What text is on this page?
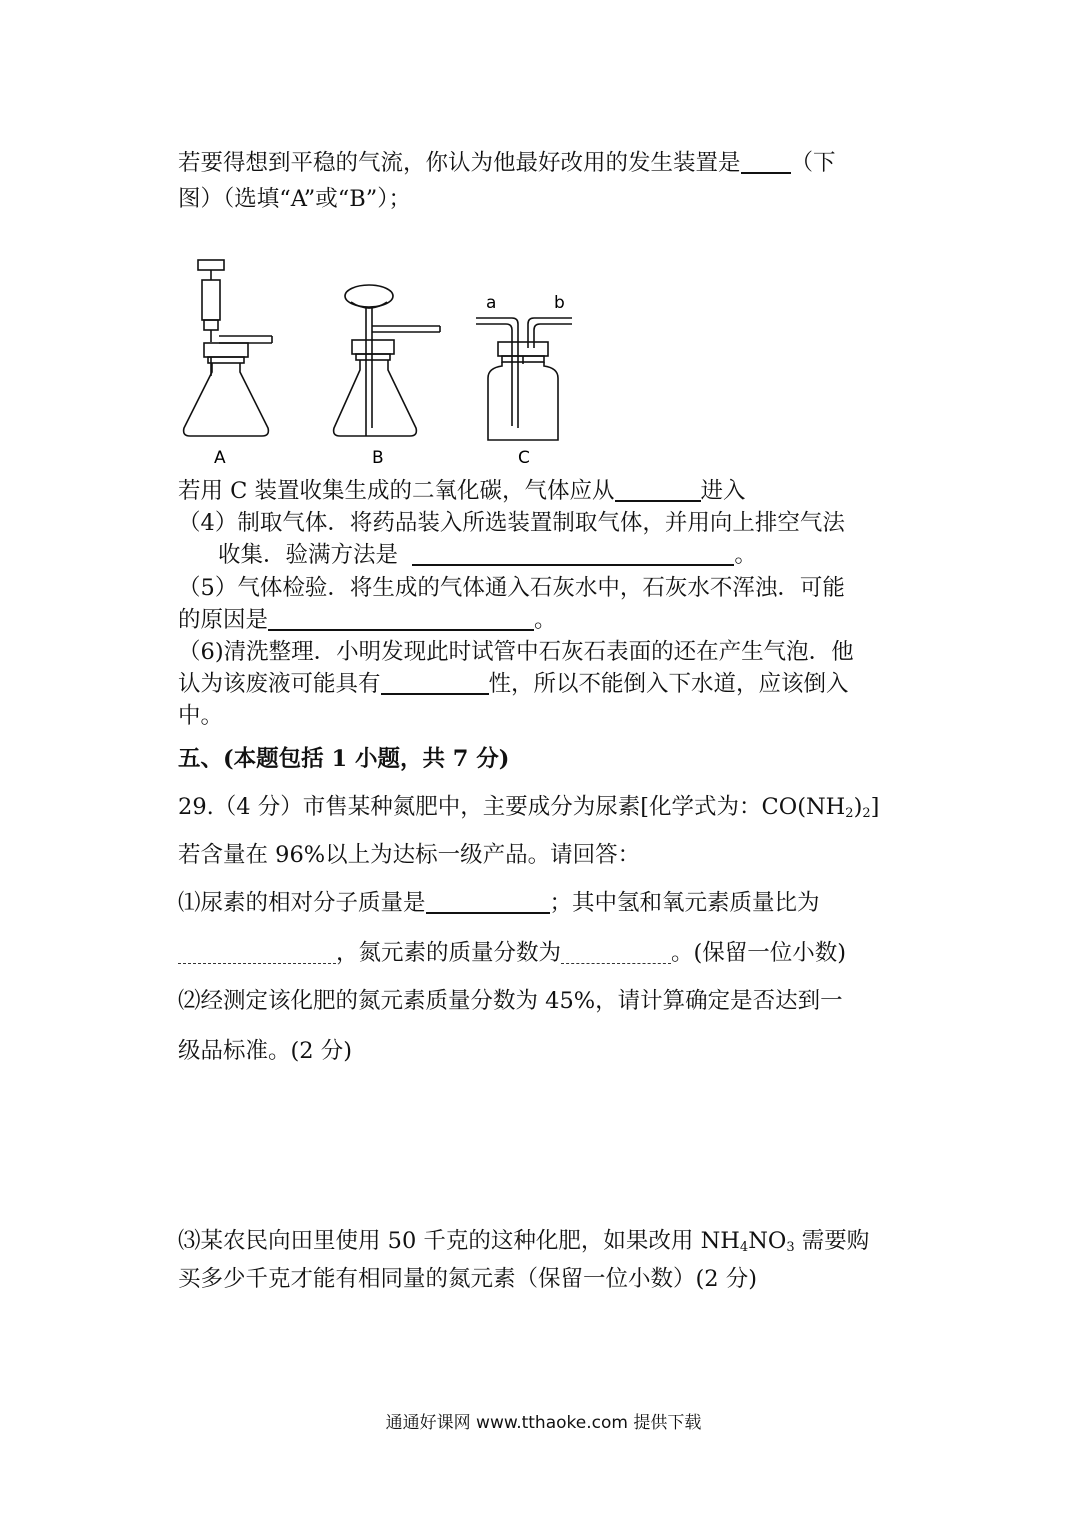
若要得想到平稳的气流，你认为他最好改用的发生装置是 （下
图）（选填“A”或“B”）；
a	b
A	B	C
若用 C 装置收集生成的二氧化碳，气体应从	进入
（4）制取气体．将药品装入所选装置制取气体，并用向上排空气法
收集．验满方法是	。
（5）气体检验．将生成的气体通入石灰水中，石灰水不浑浊．可能
的原因是	。
（6)清洗整理．小明发现此时试管中石灰石表面的还在产生气泡．他
认为该废液可能具有	性，所以不能倒入下水道，应该倒入
中。
五、(本题包括 1 小题，共 7 分)
29.（4 分）市售某种氮肥中，主要成分为尿素[化学式为：$CO(NH_2)_2$]
若含量在 96%以上为达标一级产品。请回答：
⑴尿素的相对分子质量是	；其中氢和氧元素质量比为
，氮元素的质量分数为	。(保留一位小数)
⑵经测定该化肥的氮元素质量分数为 45%，请计算确定是否达到一
级品标准。(2 分)
⑶某农民向田里使用 50 千克的这种化肥，如果改用 $NH_4NO_3$ 需要购
买多少千克才能有相同量的氮元素（保留一位小数）(2 分)
通通好课网 www.tthaoke.com 提供下载
